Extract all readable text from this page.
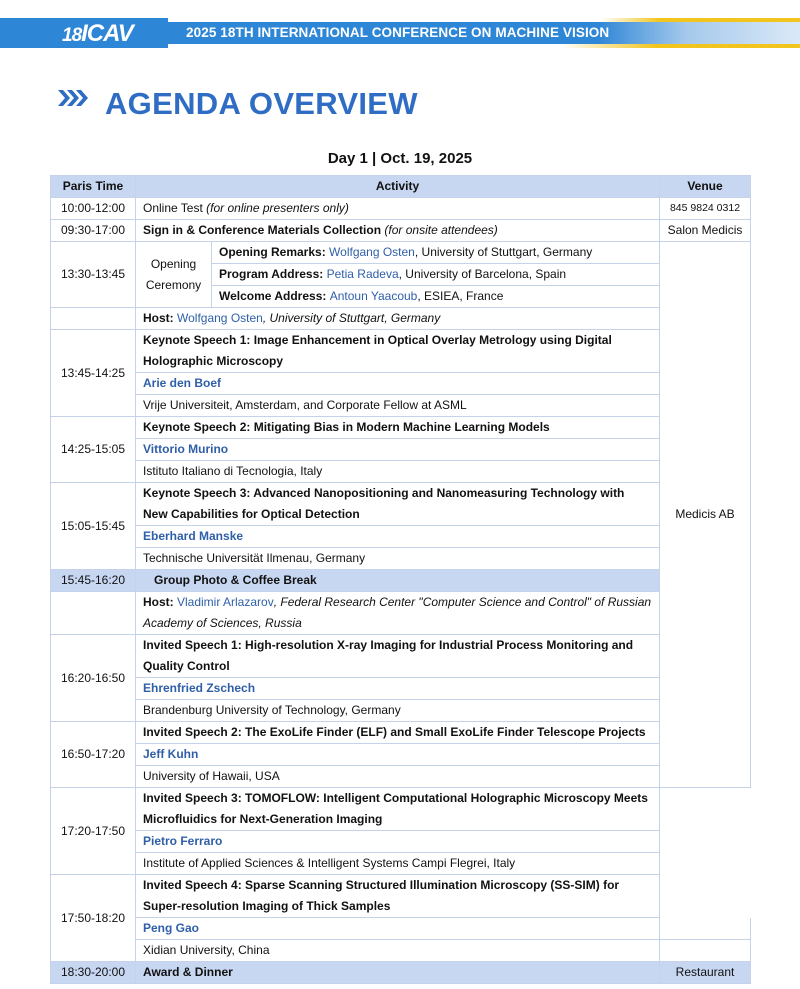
18ICAV	2025 18TH INTERNATIONAL CONFERENCE ON MACHINE VISION
AGENDA OVERVIEW
Day 1 | Oct. 19, 2025
Paris Time	Activity		Venue
10:00-12:00	Online Test (for online presenters only)		845 9824 0312
09:30-17:00	Sign in & Conference Materials Collection (for onsite attendees)		Salon Medicis
13:30-13:45	Opening Ceremony	Opening Remarks: Wolfgang Osten, University of Stuttgart, Germany	Medicis AB
		Program Address: Petia Radeva, University of Barcelona, Spain	
		Welcome Address: Antoun Yaacoub, ESIEA, France	
	Host: Wolfgang Osten, University of Stuttgart, Germany		
13:45-14:25	Keynote Speech 1: Image Enhancement in Optical Overlay Metrology using Digital Holographic Microscopy		
	Arie den Boef		
	Vrije Universiteit, Amsterdam, and Corporate Fellow at ASML		
14:25-15:05	Keynote Speech 2: Mitigating Bias in Modern Machine Learning Models		
	Vittorio Murino		
	Istituto Italiano di Tecnologia, Italy		
15:05-15:45	Keynote Speech 3: Advanced Nanopositioning and Nanomeasuring Technology with New Capabilities for Optical Detection		
	Eberhard Manske		
	Technische Universität Ilmenau, Germany		
15:45-16:20	Group Photo & Coffee Break		
	Host: Vladimir Arlazarov, Federal Research Center "Computer Science and Control" of Russian Academy of Sciences, Russia		
16:20-16:50	Invited Speech 1: High-resolution X-ray Imaging for Industrial Process Monitoring and Quality Control		
	Ehrenfried Zschech		
	Brandenburg University of Technology, Germany		
16:50-17:20	Invited Speech 2: The ExoLife Finder (ELF) and Small ExoLife Finder Telescope Projects		
	Jeff Kuhn		
	University of Hawaii, USA		
17:20-17:50	Invited Speech 3: TOMOFLOW: Intelligent Computational Holographic Microscopy Meets Microfluidics for Next-Generation Imaging		
	Pietro Ferraro		
	Institute of Applied Sciences & Intelligent Systems Campi Flegrei, Italy		
17:50-18:20	Invited Speech 4: Sparse Scanning Structured Illumination Microscopy (SS-SIM) for Super-resolution Imaging of Thick Samples		
	Peng Gao		
	Xidian University, China		
18:30-20:00	Award & Dinner		Restaurant
